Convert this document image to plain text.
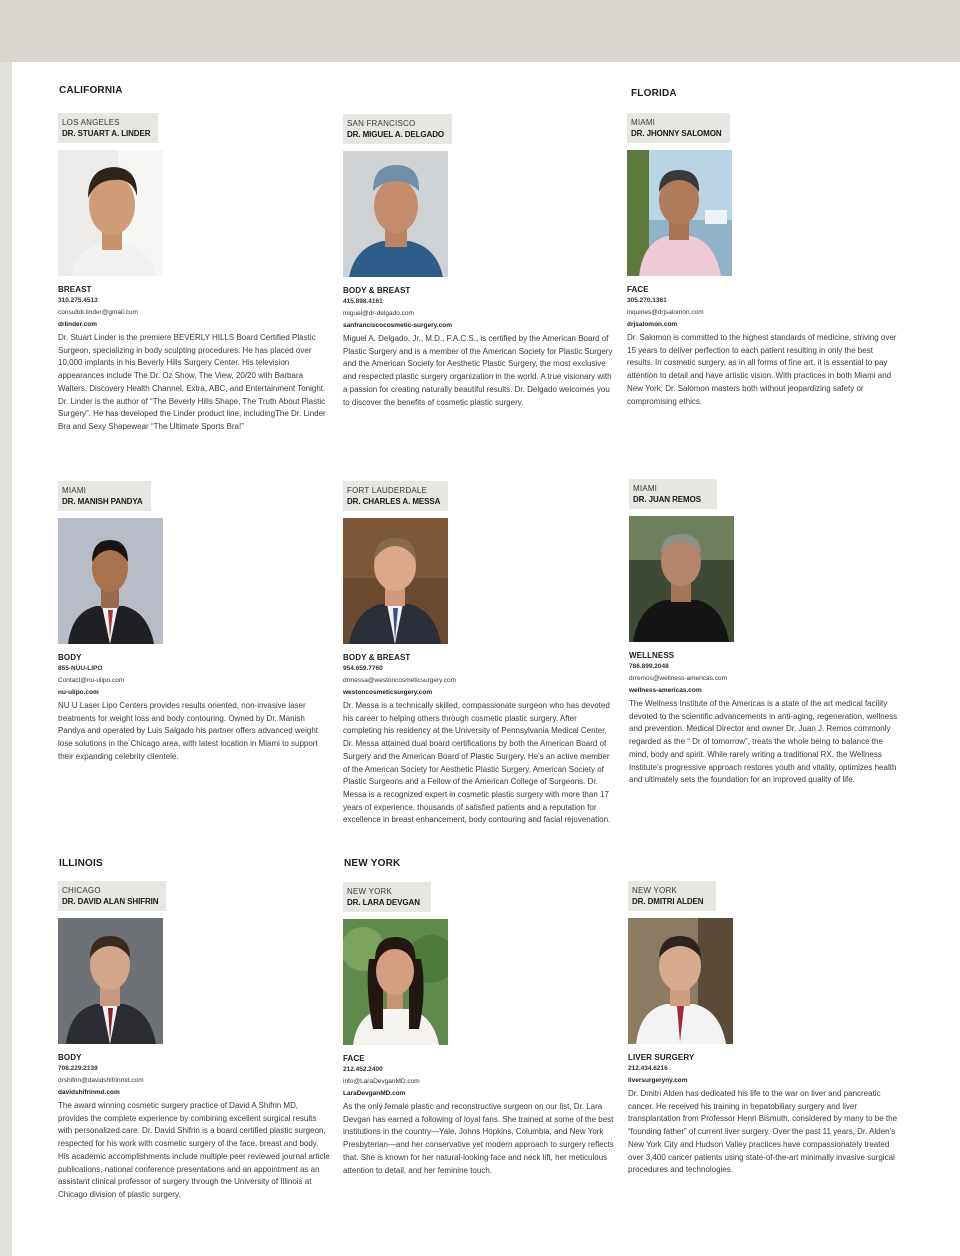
CALIFORNIA	FLORIDA
ILLINOIS	NEW YORK
LOS ANGELES
DR. STUART A. LINDER
BREAST
310.275.4513
consultdr.linder@gmail.com
drlinder.com
Dr. Stuart Linder is the premiere BEVERLY HILLS Board Certified Plastic Surgeon, specializing in body sculpting procedures. He has placed over 10,000 implants in his Beverly Hills Surgery Center. His television appearances include The Dr. Oz Show, The View, 20/20 with Barbara Walters, Discovery Health Channel, Extra, ABC, and Entertainment Tonight. Dr. Linder is the author of “The Beverly Hills Shape, The Truth About Plastic Surgery”. He has developed the Linder product line, includingThe Dr. Linder Bra and Sexy Shapewear “The Ultimate Sports Bra!”
SAN FRANCISCO
DR. MIGUEL A. DELGADO
BODY & BREAST
415.898.4161
miguel@dr-delgado.com
sanfranciscocosmetic-surgery.com
Miguel A. Delgado, Jr., M.D., F.A.C.S., is certified by the American Board of Plastic Surgery and is a member of the American Society for Plastic Surgery and the American Society for Aesthetic Plastic Surgery, the most exclusive and respected plastic surgery organization in the world. A true visionary with a passion for creating naturally beautiful results. Dr. Delgado welcomes you to discover the benefits of cosmetic plastic surgery.
MIAMI
DR. JHONNY SALOMON
FACE
305.270.1361
inquiries@drjsalomon.com
drjsalomon.com
Dr. Salomon is committed to the highest standards of medicine, striving over 15 years to deliver perfection to each patient resulting in only the best results. In cosmetic surgery, as in all forms of fine art, it is essential to pay attention to detail and have artistic vision. With practices in both Miami and New York, Dr. Salomon masters both without jeopardizing safety or compromising ethics.
MIAMI
DR. MANISH PANDYA
BODY
855-NUU-LIPO
Contact@nu-ulipo.com
nu-ulipo.com
NU U Laser Lipo Centers provides results oriented, non-invasive laser treatments for weight loss and body contouring. Owned by Dr. Manish Pandya and operated by Luis Salgado his partner offers advanced weight lose solutions in the Chicago area, with latest location in Miami to support their expanding celebrity clientele.
FORT LAUDERDALE
DR. CHARLES A. MESSA
BODY & BREAST
954.659.7760
drmessa@westoncosmeticsurgery.com
westoncosmeticsurgery.com
Dr. Messa is a technically skilled, compassionate surgeon who has devoted his career to helping others through cosmetic plastic surgery. After completing his residency at the University of Pennsylvania Medical Center, Dr. Messa attained dual board certifications by both the American Board of Surgery and the American Board of Plastic Surgery. He’s an active member of the American Society for Aesthetic Plastic Surgery, American Society of Plastic Surgeons and a Fellow of the American College of Surgeons. Dr. Messa is a recognized expert in cosmetic plastic surgery with more than 17 years of experience, thousands of satisfied patients and a reputation for excellence in breast enhancement, body contouring and facial rejuvenation.
MIAMI
DR. JUAN REMOS
WELLNESS
786.899.2048
drremos@wellness-americas.com
wellness-americas.com
The Wellness Institute of the Americas is a state of the art medical facility devoted to the scientific advancements in anti-aging, regeneration, wellness and prevention. Medical Director and owner Dr. Juan J. Remos commonly regarded as the “ Dr of tomorrow”, treats the whole being to balance the mind, body and spirit. While rarely writing a traditional RX, the Wellness Institute’s progressive approach restores youth and vitality, optimizes health and ultimately sets the foundation for an improved quality of life.
CHICAGO
DR. DAVID ALAN SHIFRIN
BODY
708.229.2139
drshifrin@davidshifrinmd.com
davidshifrinmd.com
The award winning cosmetic surgery practice of David A Shifrin MD, provides the complete experience by combining excellent surgical results with personalized care. Dr. David Shifrin is a board certified plastic surgeon, respected for his work with cosmetic surgery of the face, breast and body. His academic accomplishments include multiple peer reviewed journal article publications, national conference presentations and an appointment as an assistant clinical professor of surgery through the University of Illinois at Chicago division of plastic surgery.
NEW YORK
DR. LARA DEVGAN
FACE
212.452.2400
info@LaraDevganMD.com
LaraDevganMD.com
As the only female plastic and reconstructive surgeon on our list, Dr. Lara Devgan has earned a following of loyal fans. She trained at some of the best institutions in the country—Yale, Johns Hopkins, Columbia, and New York Presbyterian—and her conservative yet modern approach to surgery reflects that. She is known for her natural-looking face and neck lift, her meticulous attention to detail, and her feminine touch.
NEW YORK
DR. DMITRI ALDEN
LIVER SURGERY
212.434.6216
liversurgeryny.com
Dr. Dmitri Alden has dedicated his life to the war on liver and pancreatic cancer. He received his training in hepatobiliary surgery and liver transplantation from Professor Henri Bismuth, considered by many to be the “founding father” of current liver surgery. Over the past 11 years, Dr. Alden’s New York City and Hudson Valley practices have compassionately treated over 3,400 cancer patients using state-of-the-art minimally invasive surgical procedures and technologies.
